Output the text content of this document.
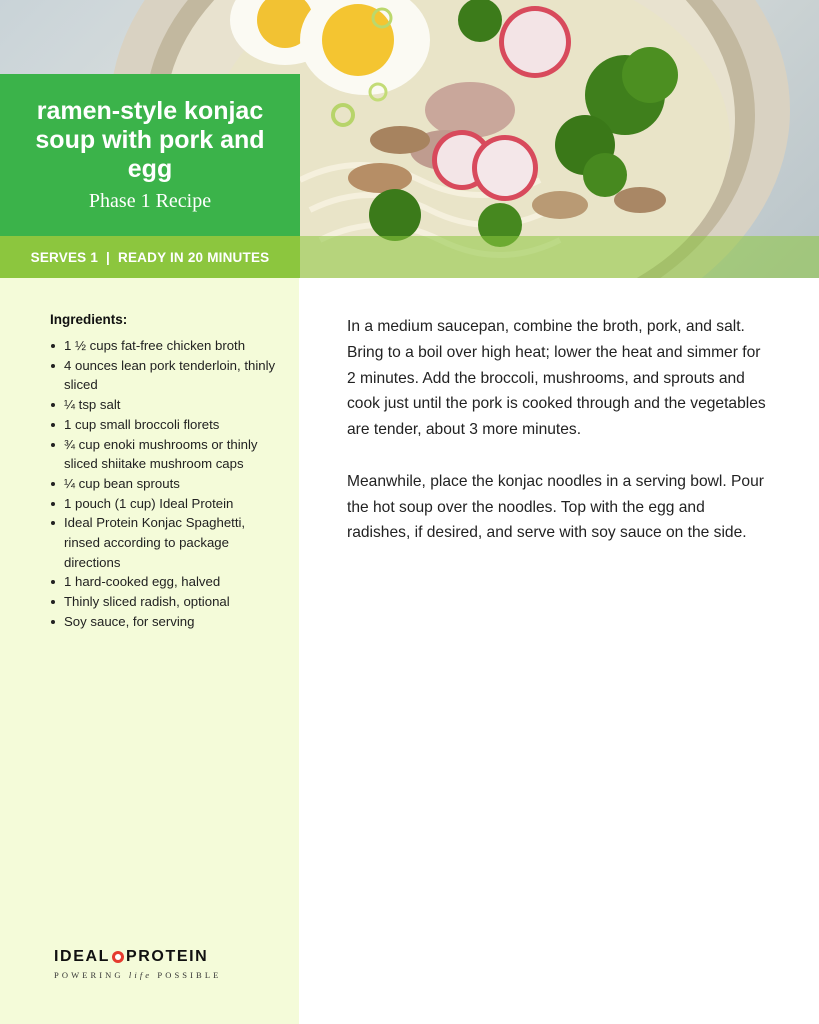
ramen-style konjac soup with pork and egg
Phase 1 Recipe
SERVES 1 | READY IN 20 MINUTES
Ingredients:
1 ½ cups fat-free chicken broth
4 ounces lean pork tenderloin, thinly sliced
¼ tsp salt
1 cup small broccoli florets
¾ cup enoki mushrooms or thinly sliced shiitake mushroom caps
¼ cup bean sprouts
1 pouch (1 cup) Ideal Protein
Ideal Protein Konjac Spaghetti, rinsed according to package directions
1 hard-cooked egg, halved
Thinly sliced radish, optional
Soy sauce, for serving

In a medium saucepan, combine the broth, pork, and salt. Bring to a boil over high heat; lower the heat and simmer for 2 minutes. Add the broccoli, mushrooms, and sprouts and cook just until the pork is cooked through and the vegetables are tender, about 3 more minutes.

Meanwhile, place the konjac noodles in a serving bowl. Pour the hot soup over the noodles. Top with the egg and radishes, if desired, and serve with soy sauce on the side.

IDEAL PROTEIN
POWERING life POSSIBLE
